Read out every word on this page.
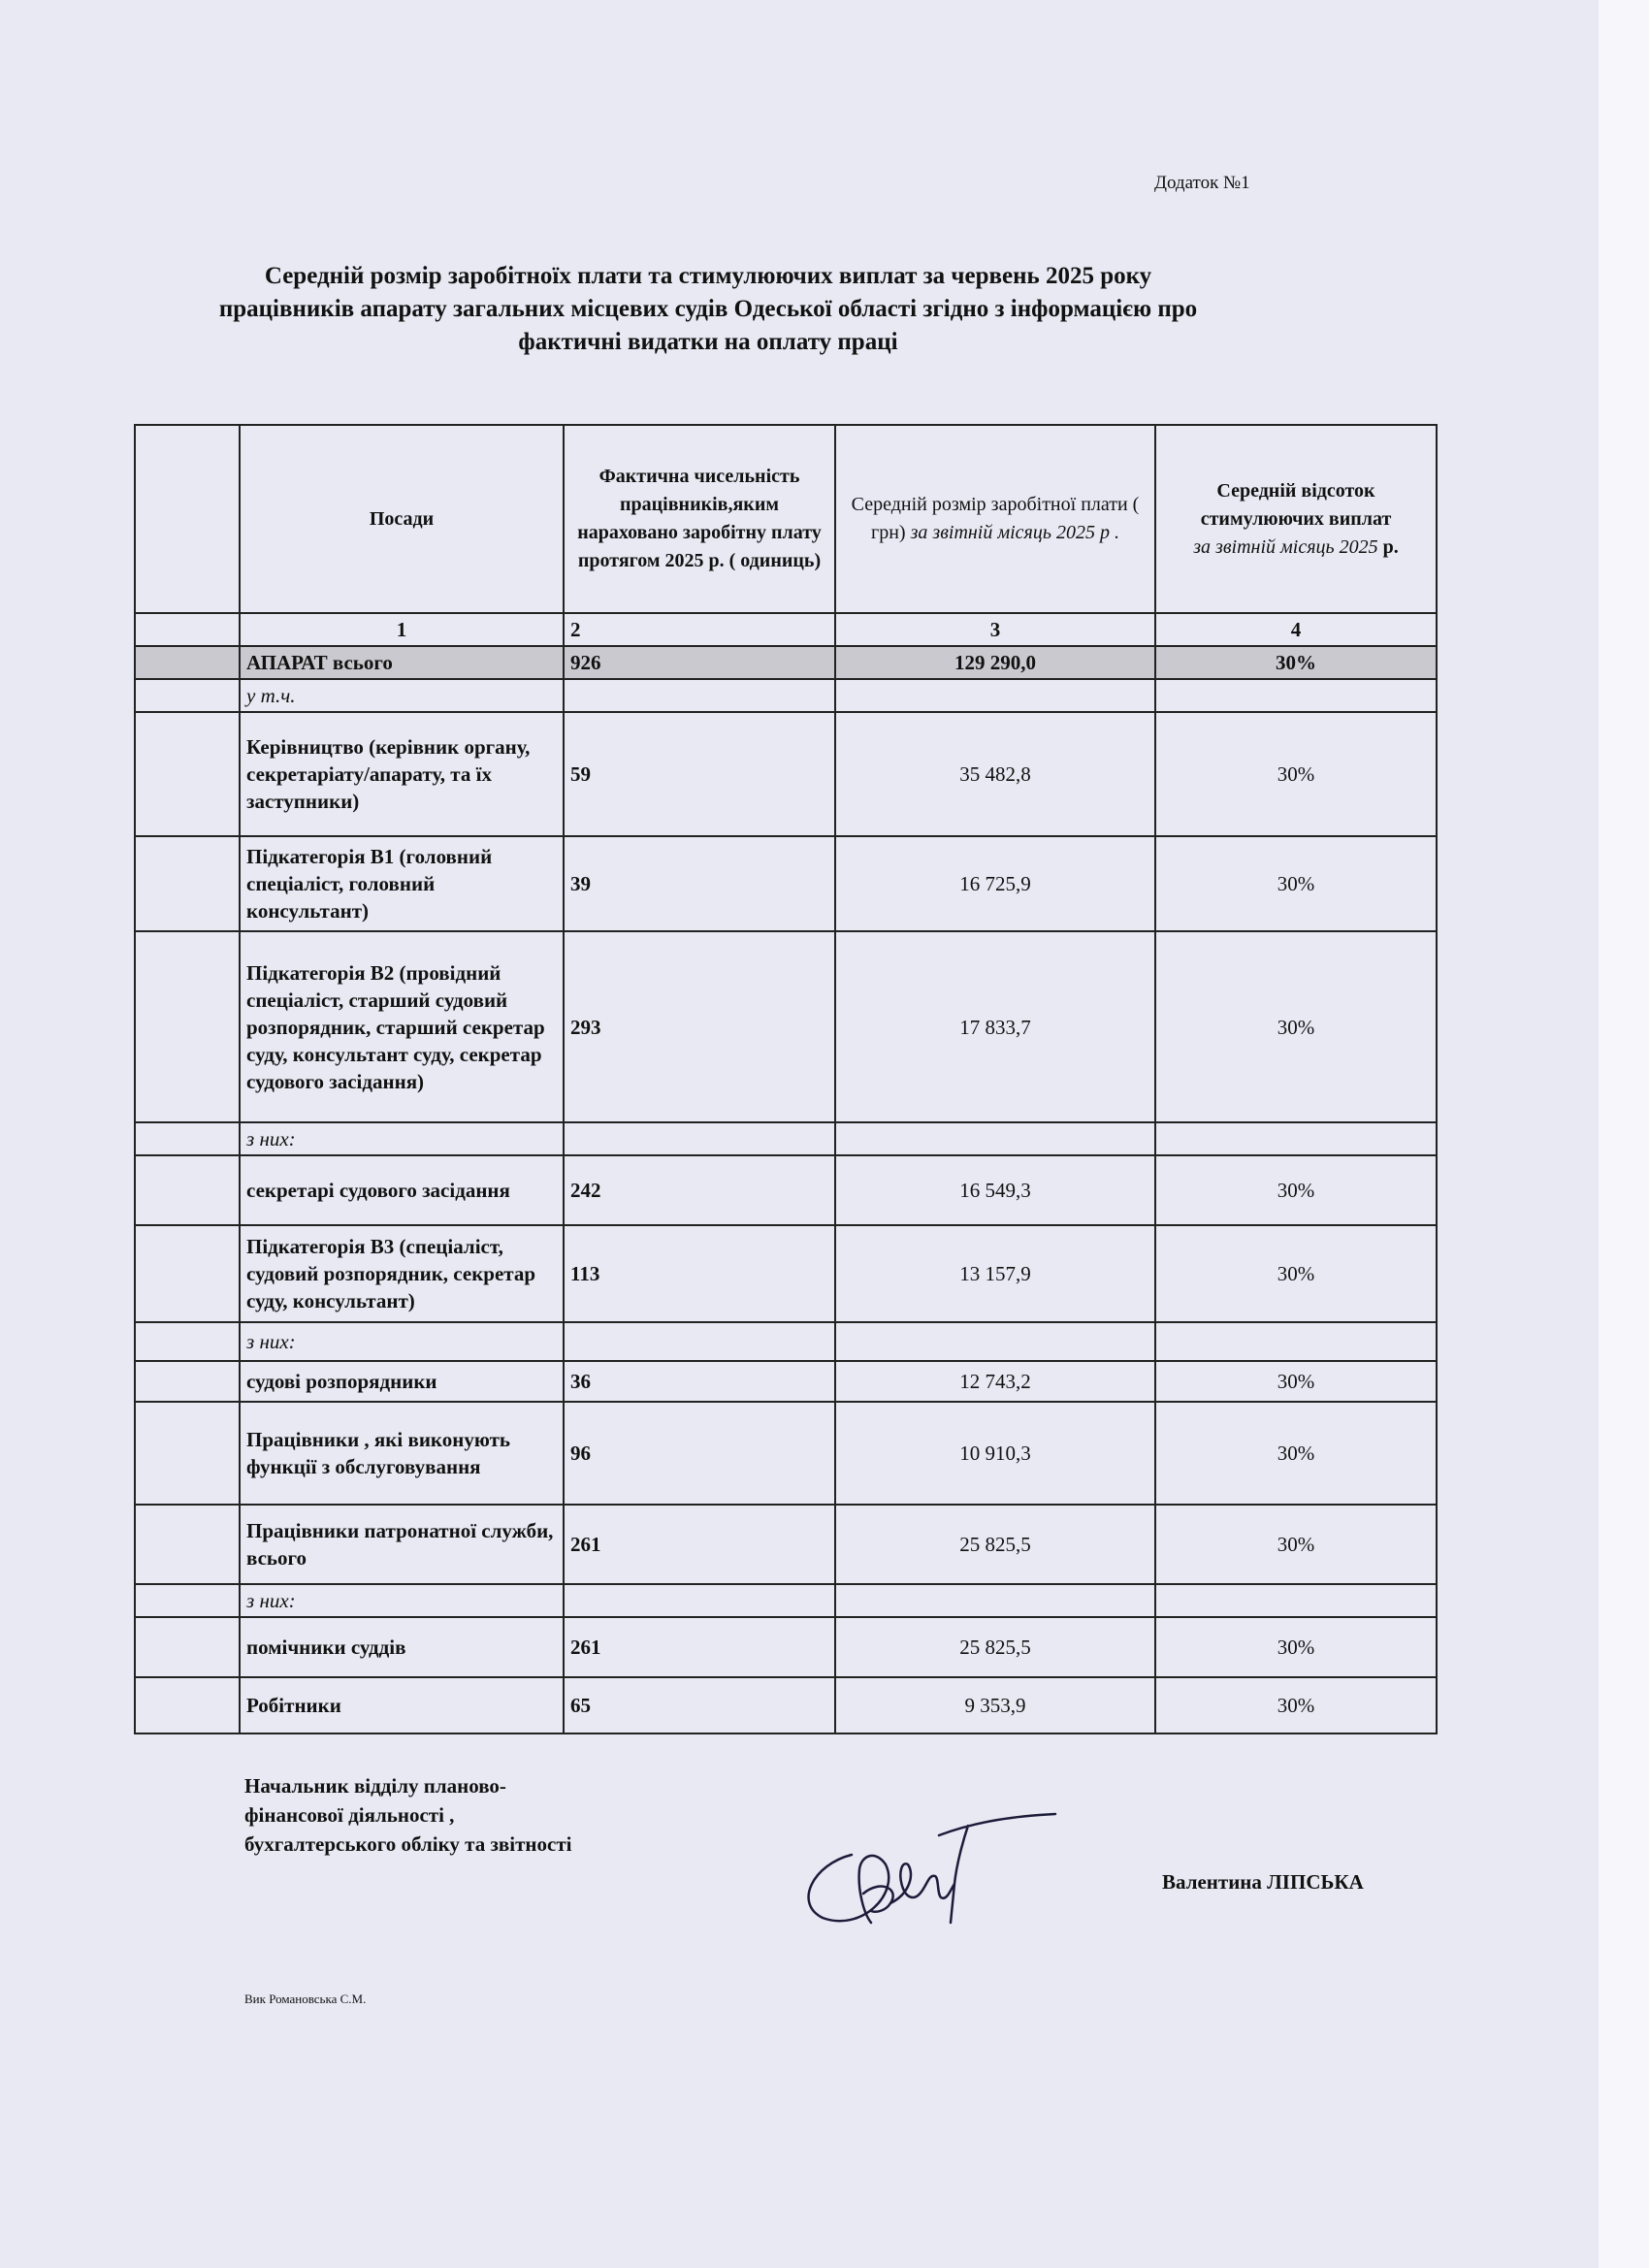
Додаток №1
Середній розмір заробітноїх плати та стимулюючих виплат за червень 2025 року працівників апарату загальних місцевих судів Одеської області згідно з інформацією про фактичні видатки на оплату праці
	Посади	Фактична чисельність працівників,яким нараховано заробітну плату протягом 2025 р. ( одиниць)	Середній розмір заробітної плати ( грн) за звітній місяць 2025 р .	Середній відсоток стимулюючих виплат
за звітній місяць 2025 р.
	1	2	3	4
	АПАРАТ всього	926	129 290,0	30%
	у т.ч.			
	Керівництво (керівник органу, секретаріату/апарату, та їх заступники)	59	35 482,8	30%
	Підкатегорія В1 (головний спеціаліст, головний консультант)	39	16 725,9	30%
	Підкатегорія В2 (провідний спеціаліст, старший судовий розпорядник, старший секретар суду, консультант суду, секретар судового засідання)	293	17 833,7	30%
	з них:			
	секретарі судового засідання	242	16 549,3	30%
	Підкатегорія В3 (спеціаліст, судовий розпорядник, секретар суду, консультант)	113	13 157,9	30%
	з них:			
	судові розпорядники	36	12 743,2	30%
	Працівники , які виконують функції з обслуговування	96	10 910,3	30%
	Працівники патронатної служби, всього	261	25 825,5	30%
	з них:			
	помічники суддів	261	25 825,5	30%
	Робітники	65	9 353,9	30%
Начальник відділу планово-фінансової діяльності , бухгалтерського обліку та звітності
Валентина ЛІПСЬКА
Вик Романовська С.М.
